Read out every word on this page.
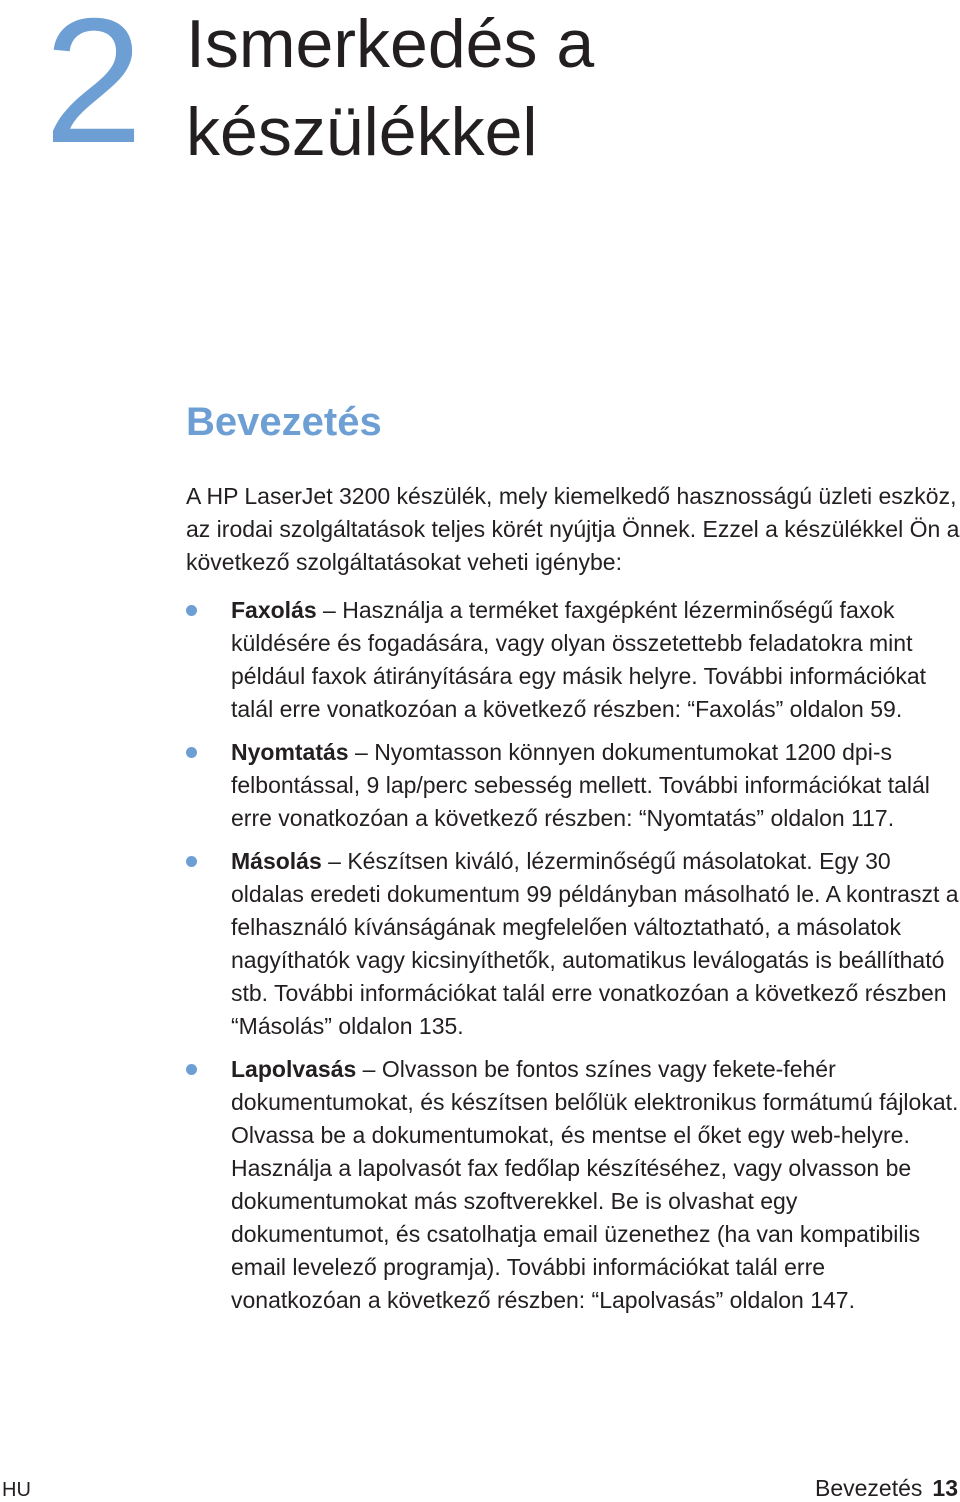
2 Ismerkedés a
készülékkel
Bevezetés

A HP LaserJet 3200 készülék, mely kiemelkedő hasznosságú üzleti eszköz, az irodai szolgáltatások teljes körét nyújtja Önnek. Ezzel a készülékkel Ön a következő szolgáltatásokat veheti igénybe:

Faxolás – Használja a terméket faxgépként lézerminőségű faxok küldésére és fogadására, vagy olyan összetettebb feladatokra mint például faxok átirányítására egy másik helyre. További információkat talál erre vonatkozóan a következő részben: “Faxolás” oldalon 59.
Nyomtatás – Nyomtasson könnyen dokumentumokat 1200 dpi-s felbontással, 9 lap/perc sebesség mellett. További információkat talál erre vonatkozóan a következő részben: “Nyomtatás” oldalon 117.
Másolás – Készítsen kiváló, lézerminőségű másolatokat. Egy 30 oldalas eredeti dokumentum 99 példányban másolható le. A kontraszt a felhasználó kívánságának megfelelően változtatható, a másolatok nagyíthatók vagy kicsinyíthetők, automatikus leválogatás is beállítható stb. További információkat talál erre vonatkozóan a következő részben “Másolás” oldalon 135.
Lapolvasás – Olvasson be fontos színes vagy fekete-fehér dokumentumokat, és készítsen belőlük elektronikus formátumú fájlokat. Olvassa be a dokumentumokat, és mentse el őket egy web-helyre. Használja a lapolvasót fax fedőlap készítéséhez, vagy olvasson be dokumentumokat más szoftverekkel. Be is olvashat egy dokumentumot, és csatolhatja email üzenethez (ha van kompatibilis email levelező programja). További információkat talál erre vonatkozóan a következő részben: “Lapolvasás” oldalon 147.
HU	Bevezetés 13
